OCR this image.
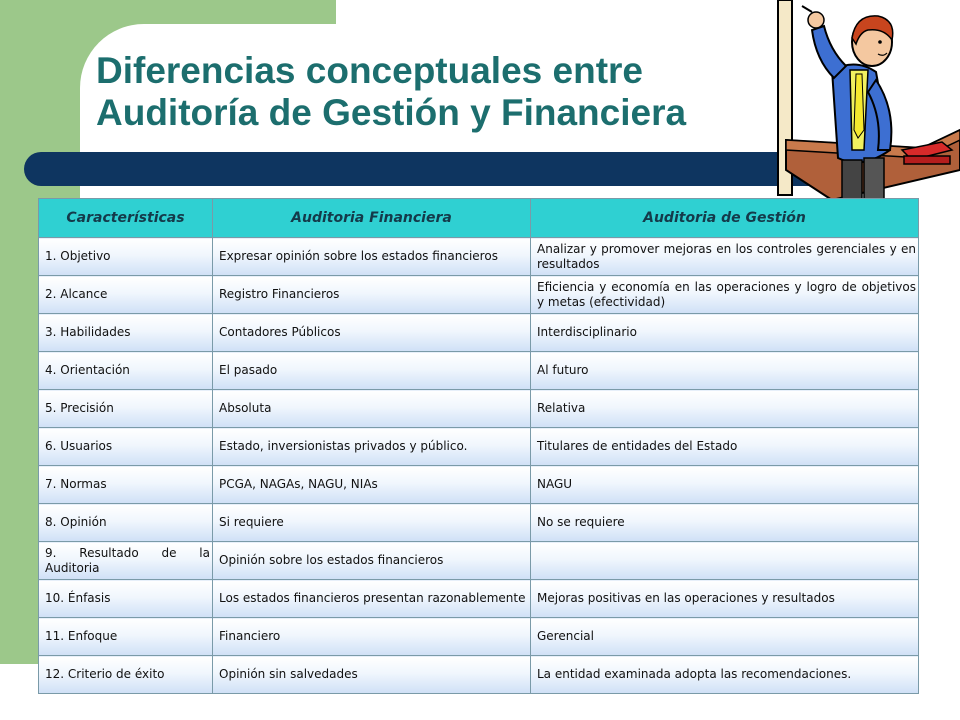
Diferencias conceptuales entre
Auditoría de Gestión y Financiera
Características	Auditoria Financiera	Auditoria de Gestión
1. Objetivo	Expresar opinión sobre los estados financieros	Analizar y promover mejoras en los controles gerenciales y en resultados
2. Alcance	Registro Financieros	Eficiencia y economía en las operaciones y logro de objetivos y metas (efectividad)
3. Habilidades	Contadores Públicos	Interdisciplinario
4. Orientación	El pasado	Al futuro
5. Precisión	Absoluta	Relativa
6. Usuarios	Estado, inversionistas privados y público.	Titulares de entidades del Estado
7. Normas	PCGA, NAGAs, NAGU, NIAs	NAGU
8. Opinión	Si requiere	No se requiere
9. Resultado de la Auditoria	Opinión sobre los estados financieros	
10. Énfasis	Los estados financieros presentan razonablemente	Mejoras positivas en las operaciones y resultados
11. Enfoque	Financiero	Gerencial
12. Criterio de éxito	Opinión sin salvedades	La entidad examinada adopta las recomendaciones.
